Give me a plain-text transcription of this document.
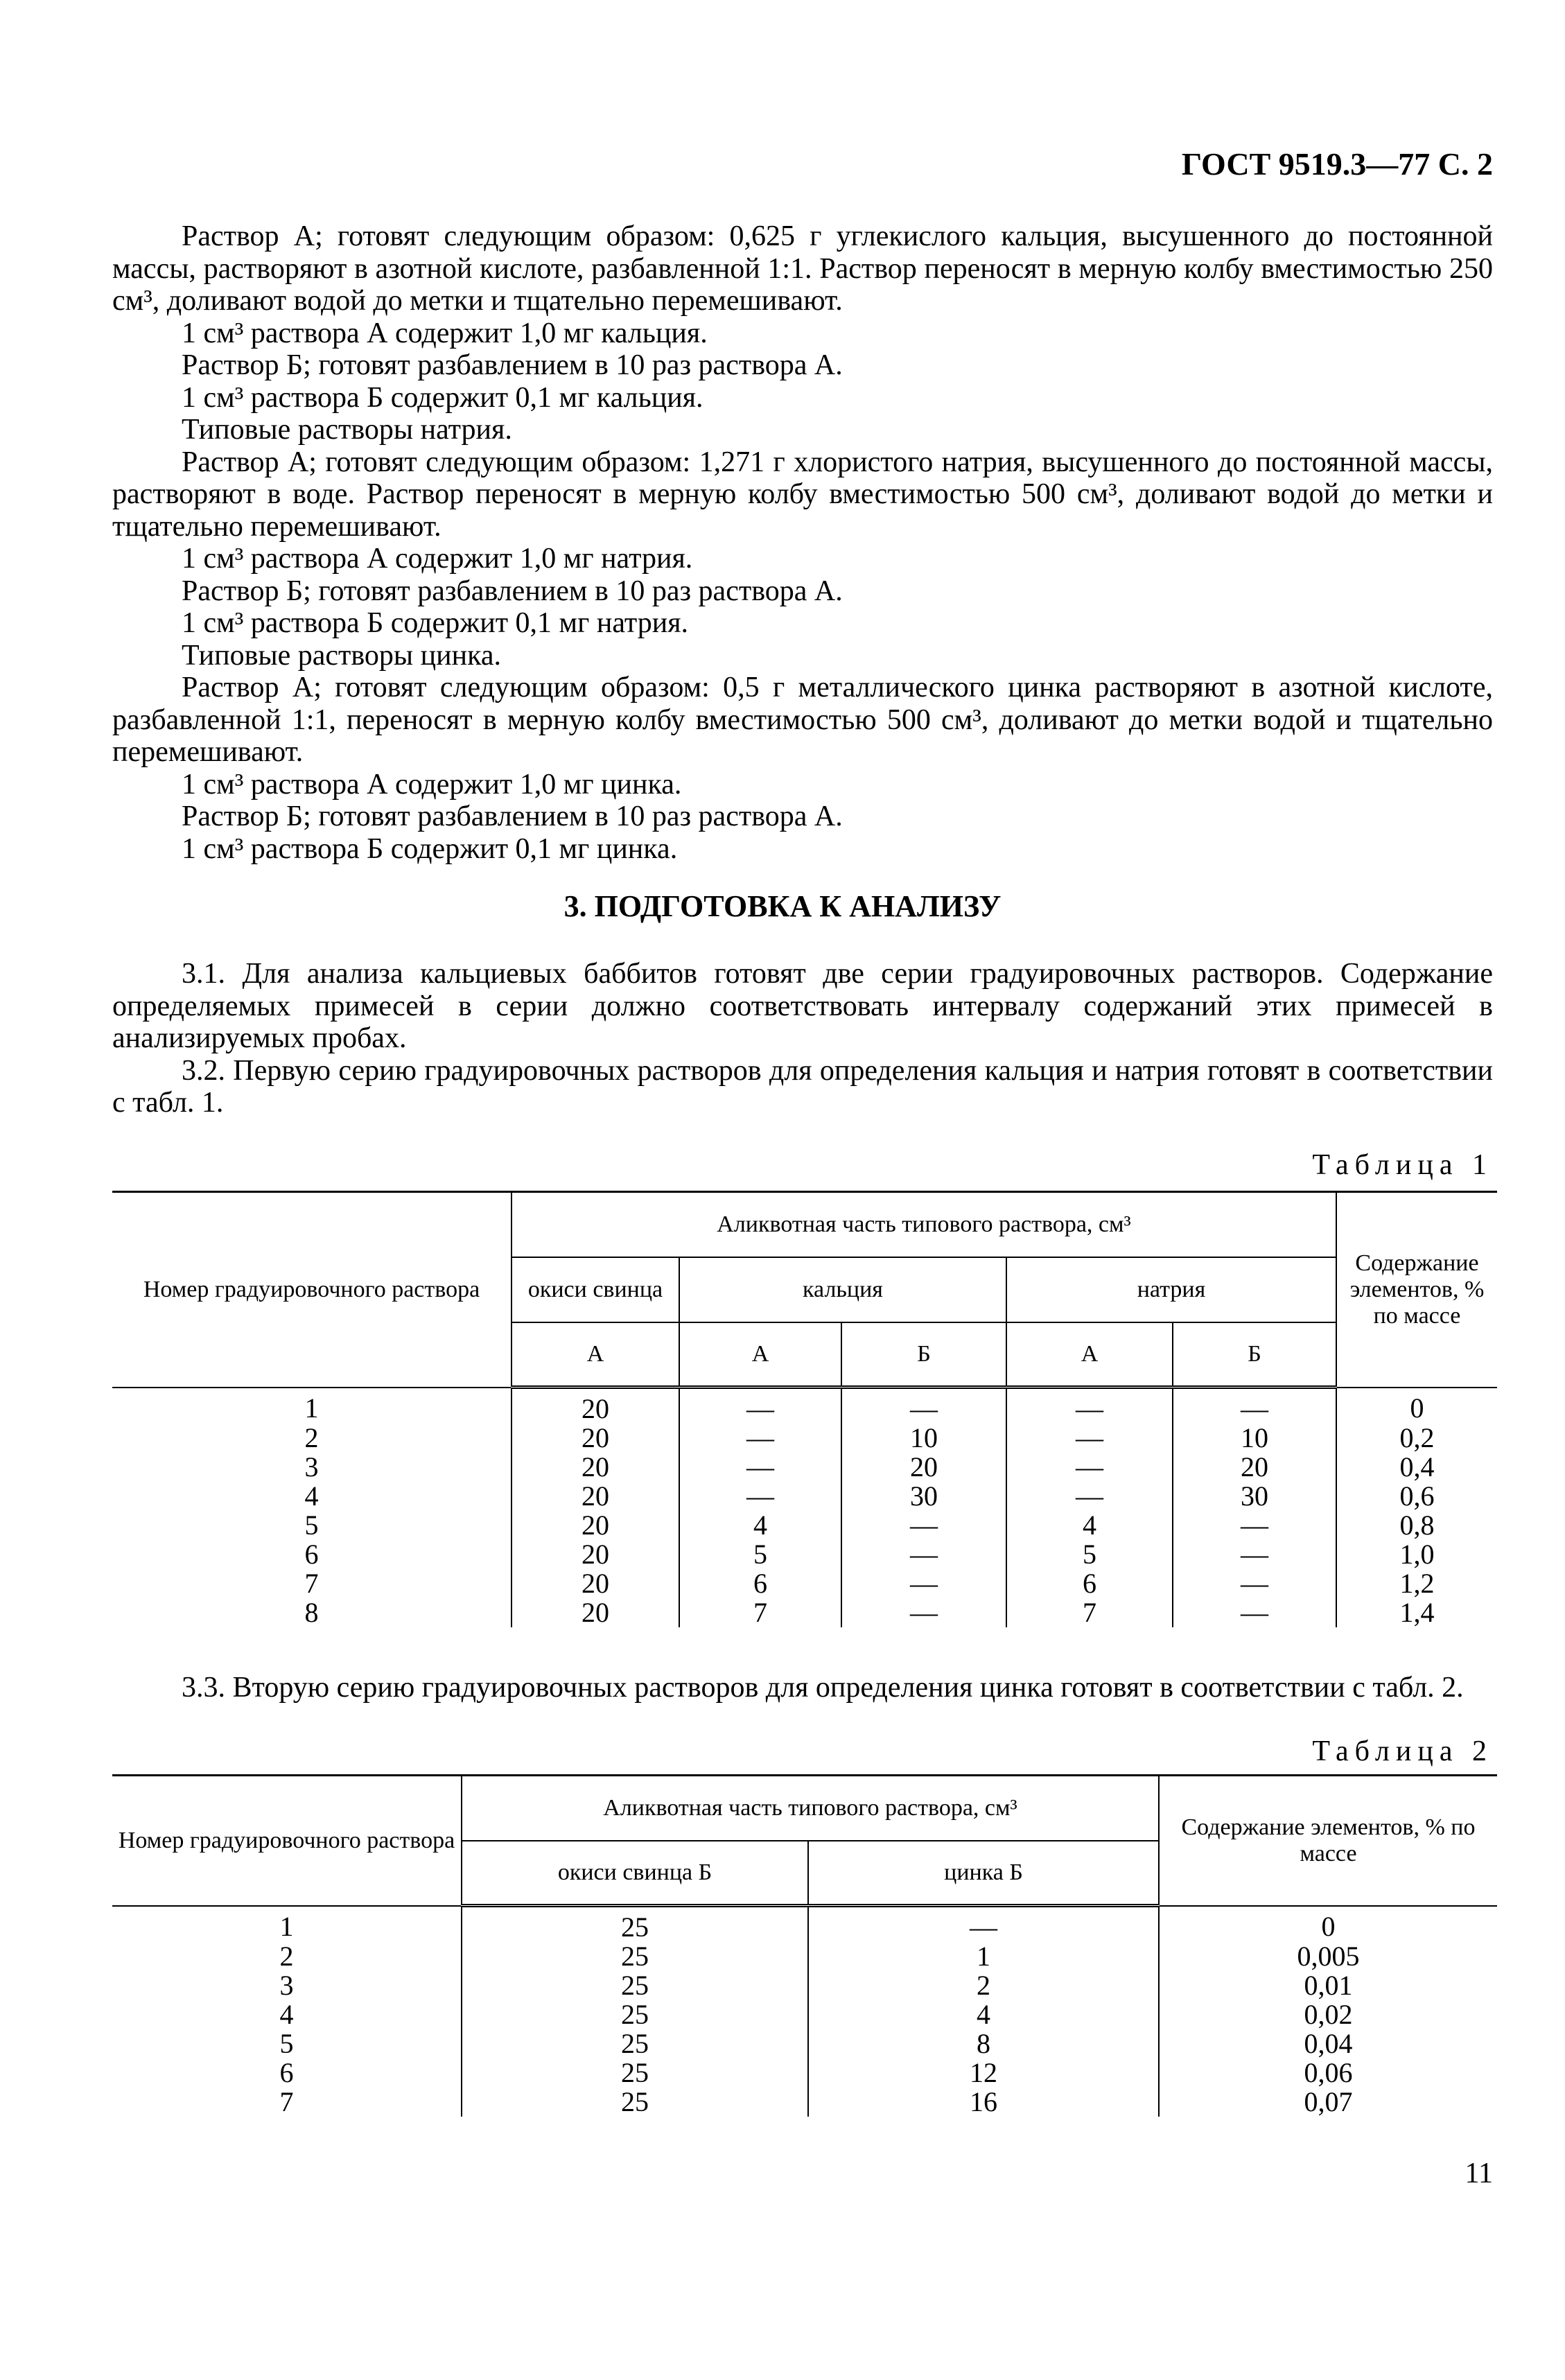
ГОСТ 9519.3—77 С. 2

Раствор А; готовят следующим образом: 0,625 г углекислого кальция, высушенного до постоянной массы, растворяют в азотной кислоте, разбавленной 1:1. Раствор переносят в мерную колбу вместимостью 250 см³, доливают водой до метки и тщательно перемешивают.

1 см³ раствора А содержит 1,0 мг кальция.

Раствор Б; готовят разбавлением в 10 раз раствора А.

1 см³ раствора Б содержит 0,1 мг кальция.

Типовые растворы натрия.

Раствор А; готовят следующим образом: 1,271 г хлористого натрия, высушенного до постоянной массы, растворяют в воде. Раствор переносят в мерную колбу вместимостью 500 см³, доливают водой до метки и тщательно перемешивают.

1 см³ раствора А содержит 1,0 мг натрия.

Раствор Б; готовят разбавлением в 10 раз раствора А.

1 см³ раствора Б содержит 0,1 мг натрия.

Типовые растворы цинка.

Раствор А; готовят следующим образом: 0,5 г металлического цинка растворяют в азотной кислоте, разбавленной 1:1, переносят в мерную колбу вместимостью 500 см³, доливают до метки водой и тщательно перемешивают.

1 см³ раствора А содержит 1,0 мг цинка.

Раствор Б; готовят разбавлением в 10 раз раствора А.

1 см³ раствора Б содержит 0,1 мг цинка.

3. ПОДГОТОВКА К АНАЛИЗУ

3.1. Для анализа кальциевых баббитов готовят две серии градуировочных растворов. Содержание определяемых примесей в серии должно соответствовать интервалу содержаний этих примесей в анализируемых пробах.

3.2. Первую серию градуировочных растворов для определения кальция и натрия готовят в соответствии с табл. 1.

Таблица 1
Номер градуировочного раствора	Аликвотная часть типового раствора, см³					Содержание элементов, % по массе
	окиси свинца	кальция		натрия		
	А	А	Б	А	Б	
1	20	—	—	—	—	0
2	20	—	10	—	10	0,2
3	20	—	20	—	20	0,4
4	20	—	30	—	30	0,6
5	20	4	—	4	—	0,8
6	20	5	—	5	—	1,0
7	20	6	—	6	—	1,2
8	20	7	—	7	—	1,4

3.3. Вторую серию градуировочных растворов для определения цинка готовят в соответствии с табл. 2.

Таблица 2
Номер градуировочного раствора	Аликвотная часть типового раствора, см³		Содержание элементов, % по массе
	окиси свинца Б	цинка Б	
1	25	—	0
2	25	1	0,005
3	25	2	0,01
4	25	4	0,02
5	25	8	0,04
6	25	12	0,06
7	25	16	0,07
11
